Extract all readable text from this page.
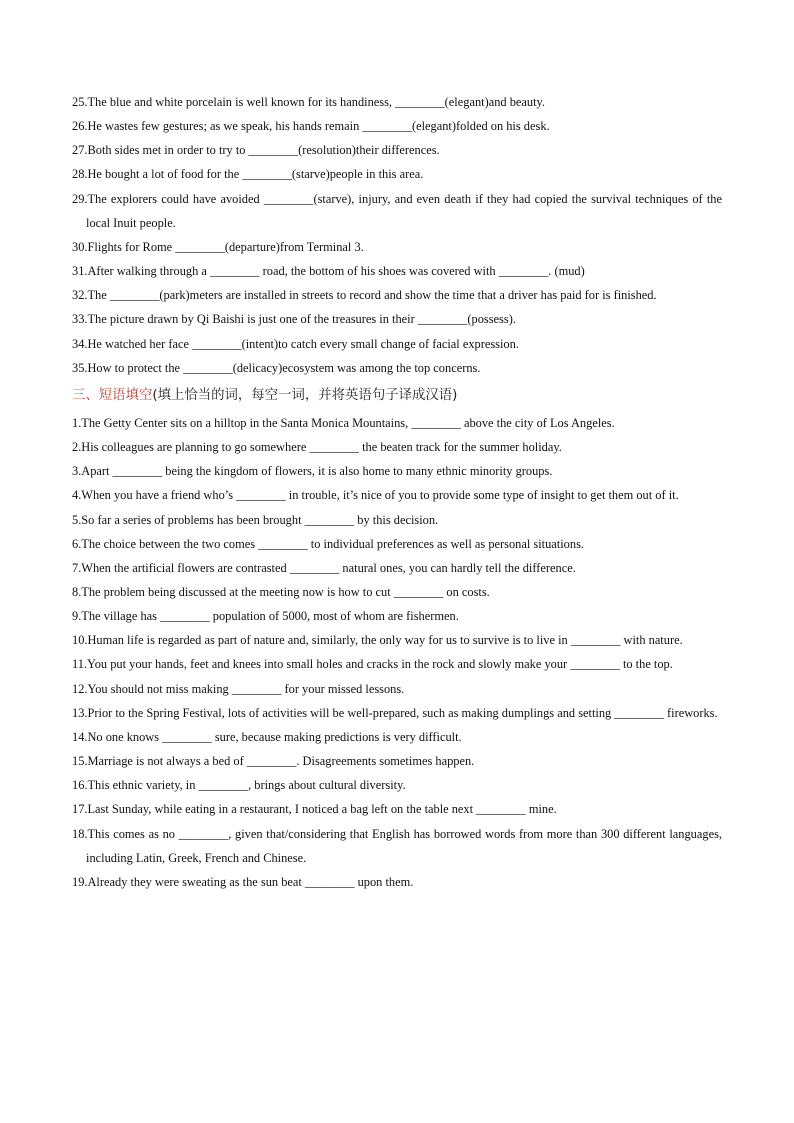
25.The blue and white porcelain is well known for its handiness, ________(elegant)and beauty.

26.He wastes few gestures; as we speak, his hands remain ________(elegant)folded on his desk.

27.Both sides met in order to try to ________(resolution)their differences.

28.He bought a lot of food for the ________(starve)people in this area.

29.The explorers could have avoided ________(starve), injury, and even death if they had copied the survival techniques of the local Inuit people.

30.Flights for Rome ________(departure)from Terminal 3.

31.After walking through a ________ road, the bottom of his shoes was covered with ________. (mud)

32.The ________(park)meters are installed in streets to record and show the time that a driver has paid for is finished.

33.The picture drawn by Qi Baishi is just one of the treasures in their ________(possess).

34.He watched her face ________(intent)to catch every small change of facial expression.

35.How to protect the ________(delicacy)ecosystem was among the top concerns.

三、短语填空(填上恰当的词，每空一词，并将英语句子译成汉语)

1.The Getty Center sits on a hilltop in the Santa Monica Mountains, ________ above the city of Los Angeles.

2.His colleagues are planning to go somewhere ________ the beaten track for the summer holiday.

3.Apart ________ being the kingdom of flowers, it is also home to many ethnic minority groups.

4.When you have a friend who’s ________ in trouble, it’s nice of you to provide some type of insight to get them out of it.

5.So far a series of problems has been brought ________ by this decision.

6.The choice between the two comes ________ to individual preferences as well as personal situations.

7.When the artificial flowers are contrasted ________ natural ones, you can hardly tell the difference.

8.The problem being discussed at the meeting now is how to cut ________ on costs.

9.The village has ________ population of 5000, most of whom are fishermen.

10.Human life is regarded as part of nature and, similarly, the only way for us to survive is to live in ________ with nature.

11.You put your hands, feet and knees into small holes and cracks in the rock and slowly make your ________ to the top.

12.You should not miss making ________ for your missed lessons.

13.Prior to the Spring Festival, lots of activities will be well-prepared, such as making dumplings and setting ________ fireworks.

14.No one knows ________ sure, because making predictions is very difficult.

15.Marriage is not always a bed of ________. Disagreements sometimes happen.

16.This ethnic variety, in ________, brings about cultural diversity.

17.Last Sunday, while eating in a restaurant, I noticed a bag left on the table next ________ mine.

18.This comes as no ________, given that/considering that English has borrowed words from more than 300 different languages, including Latin, Greek, French and Chinese.

19.Already they were sweating as the sun beat ________ upon them.
